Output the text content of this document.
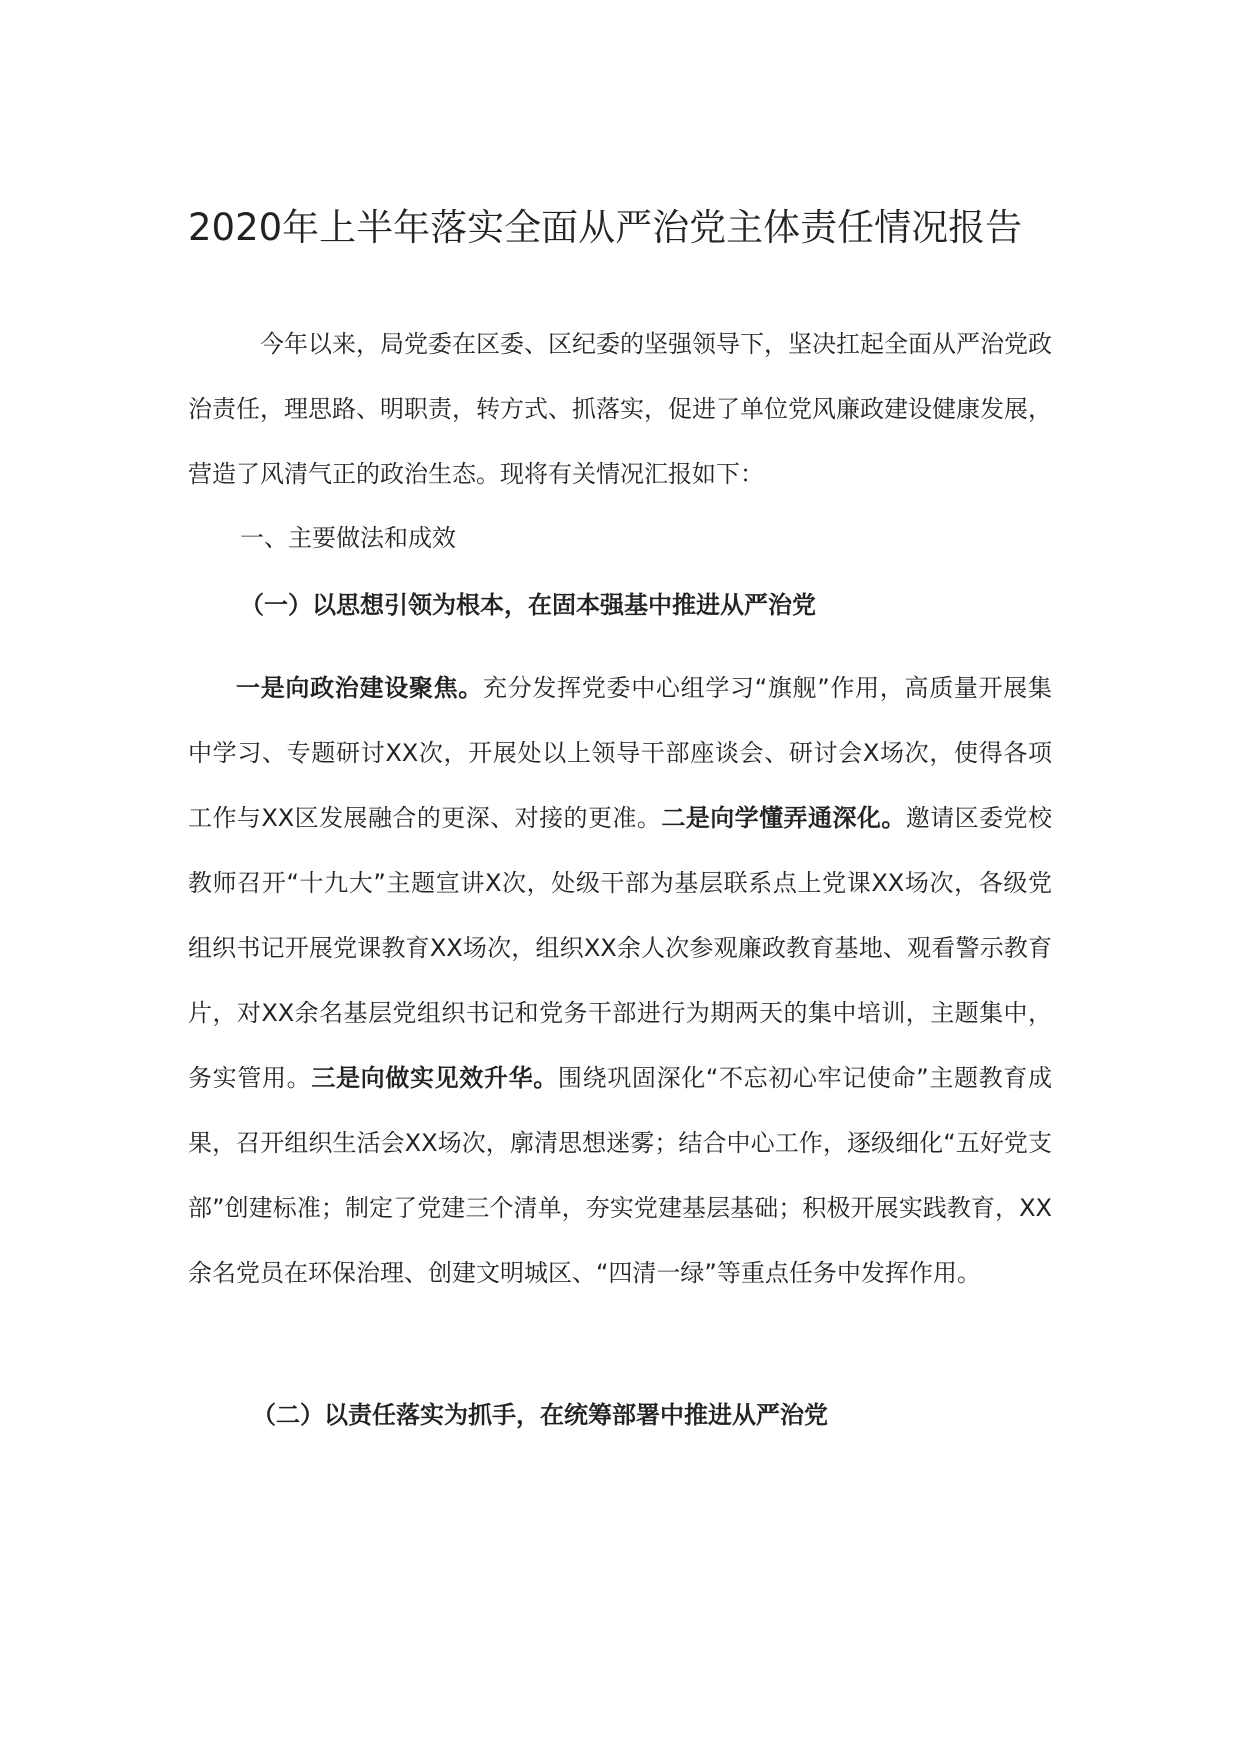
2020年上半年落实全面从严治党主体责任情况报告

今年以来，局党委在区委、区纪委的坚强领导下，坚决扛起全面从严治党政治责任，理思路、明职责，转方式、抓落实，促进了单位党风廉政建设健康发展，营造了风清气正的政治生态。现将有关情况汇报如下：

一、主要做法和成效

（一）以思想引领为根本，在固本强基中推进从严治党

一是向政治建设聚焦。充分发挥党委中心组学习“旗舰”作用，高质量开展集中学习、专题研讨XX次，开展处以上领导干部座谈会、研讨会X场次，使得各项工作与XX区发展融合的更深、对接的更准。二是向学懂弄通深化。邀请区委党校教师召开“十九大”主题宣讲X次，处级干部为基层联系点上党课XX场次，各级党组织书记开展党课教育XX场次，组织XX余人次参观廉政教育基地、观看警示教育片，对XX余名基层党组织书记和党务干部进行为期两天的集中培训，主题集中，务实管用。三是向做实见效升华。围绕巩固深化“不忘初心牢记使命”主题教育成果，召开组织生活会XX场次，廓清思想迷雾；结合中心工作，逐级细化“五好党支部”创建标准；制定了党建三个清单，夯实党建基层基础；积极开展实践教育，XX余名党员在环保治理、创建文明城区、“四清一绿”等重点任务中发挥作用。

（二）以责任落实为抓手，在统筹部署中推进从严治党
